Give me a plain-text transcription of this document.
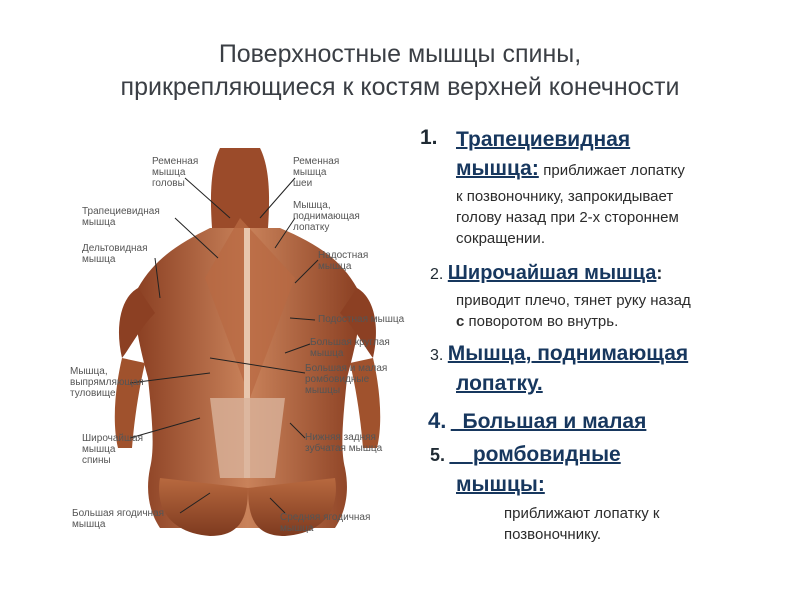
Поверхностные мышцы спины,
прикрепляющиеся к костям верхней конечности
Ременная
мышца
головы
Ременная
мышца
шеи
Трапециевидная
мышца
Мышца,
поднимающая
лопатку
Дельтовидная
мышца	Надостная
мышца
Подостная мышца
Большая круглая
мышца
Большая и малая
ромбовидные
мышцы
Мышца,
выпрямляющая
туловище
Широчайшая
мышца
спины
Нижняя задняя
зубчатая мышца
Большая ягодичная
мышца
Средняя ягодичная
мышца
1. Трапециевидная
мышца: приближает лопатку
к позвоночнику, запрокидывает
голову назад при 2-х стороннем
сокращении.
2. Широчайшая мышца:
приводит плечо, тянет руку назад
с поворотом во внутрь.
3. Мышца, поднимающая
лопатку.
4. _Большая и малая
5. __ромбовидные
мышцы:
приближают лопатку к
позвоночнику.
